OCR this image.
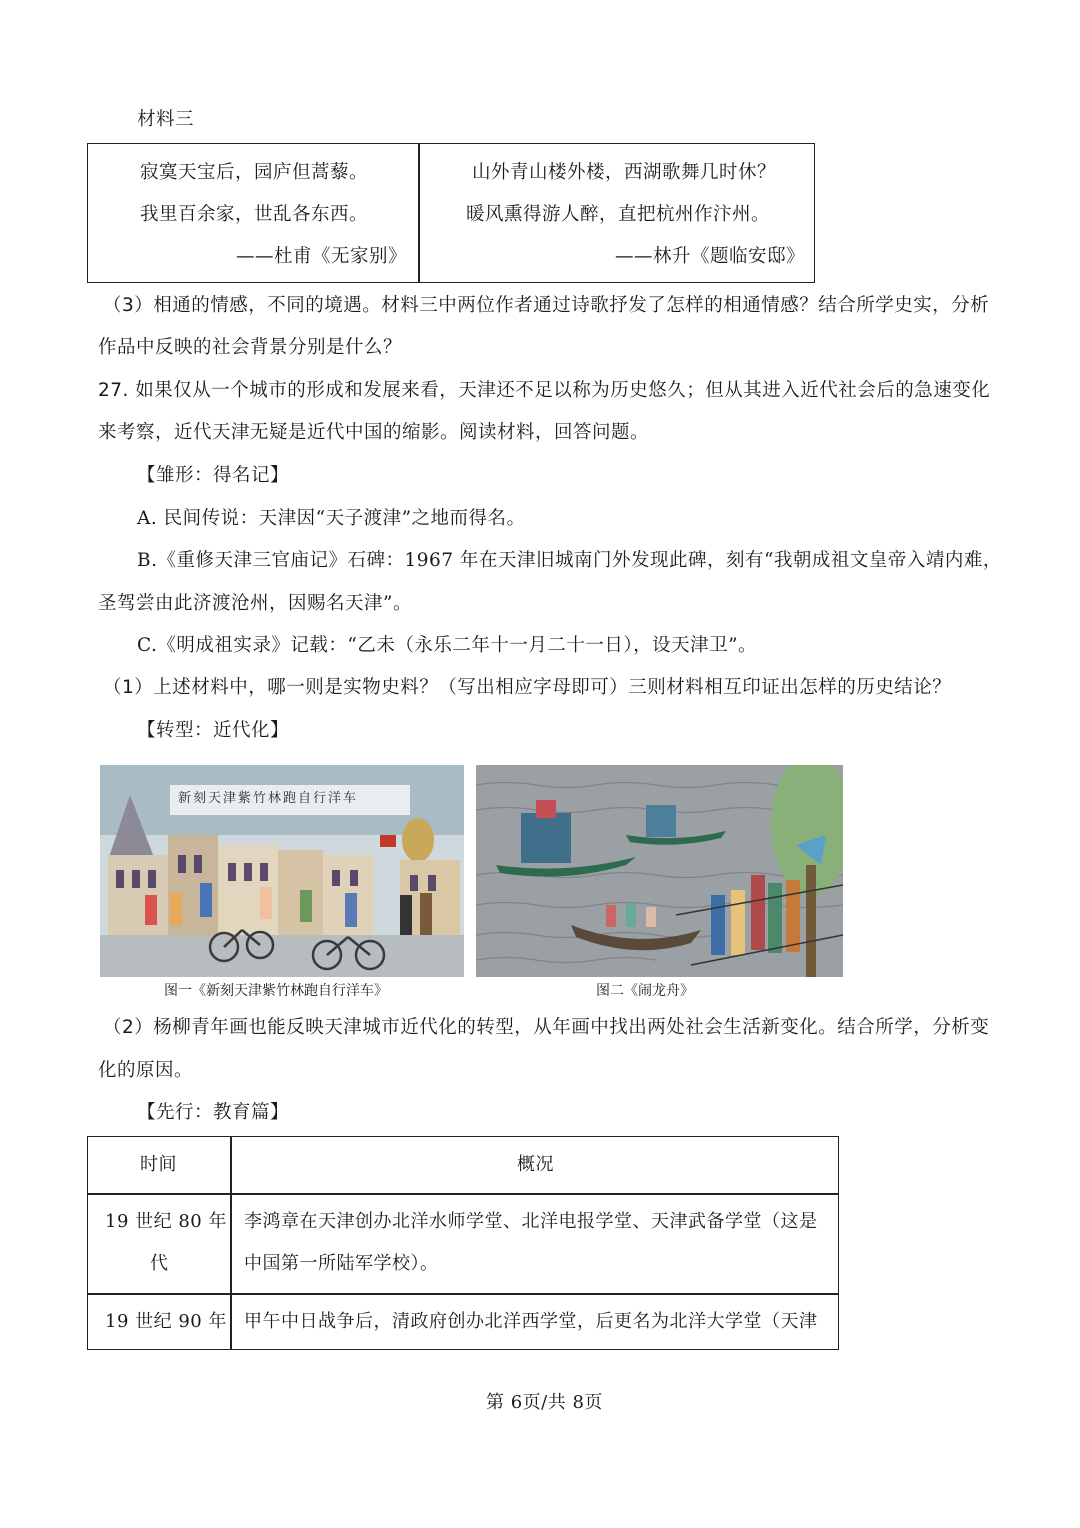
材料三
寂寞天宝后，园庐但蒿藜。
我里百余家，世乱各东西。
——杜甫《无家别》
山外青山楼外楼，西湖歌舞几时休？
暖风熏得游人醉，直把杭州作汴州。
——林升《题临安邸》
（3）相通的情感，不同的境遇。材料三中两位作者通过诗歌抒发了怎样的相通情感？结合所学史实，分析
作品中反映的社会背景分别是什么？
27. 如果仅从一个城市的形成和发展来看，天津还不足以称为历史悠久；但从其进入近代社会后的急速变化
来考察，近代天津无疑是近代中国的缩影。阅读材料，回答问题。
【雏形：得名记】
A. 民间传说：天津因“天子渡津”之地而得名。
B.《重修天津三官庙记》石碑：1967 年在天津旧城南门外发现此碑，刻有“我朝成祖文皇帝入靖内难，
圣驾尝由此济渡沧州，因赐名天津”。
C.《明成祖实录》记载：“乙未（永乐二年十一月二十一日），设天津卫”。
（1）上述材料中，哪一则是实物史料？（写出相应字母即可）三则材料相互印证出怎样的历史结论？
【转型：近代化】
新刻天津紫竹林跑自行洋车
图一《新刻天津紫竹林跑自行洋车》	图二《闹龙舟》
（2）杨柳青年画也能反映天津城市近代化的转型，从年画中找出两处社会生活新变化。结合所学，分析变
化的原因。
【先行：教育篇】
时间	概况
19 世纪 80 年
代
李鸿章在天津创办北洋水师学堂、北洋电报学堂、天津武备学堂（这是
中国第一所陆军学校）。
19 世纪 90 年 甲午中日战争后，清政府创办北洋西学堂，后更名为北洋大学堂（天津
第 6页/共 8页
